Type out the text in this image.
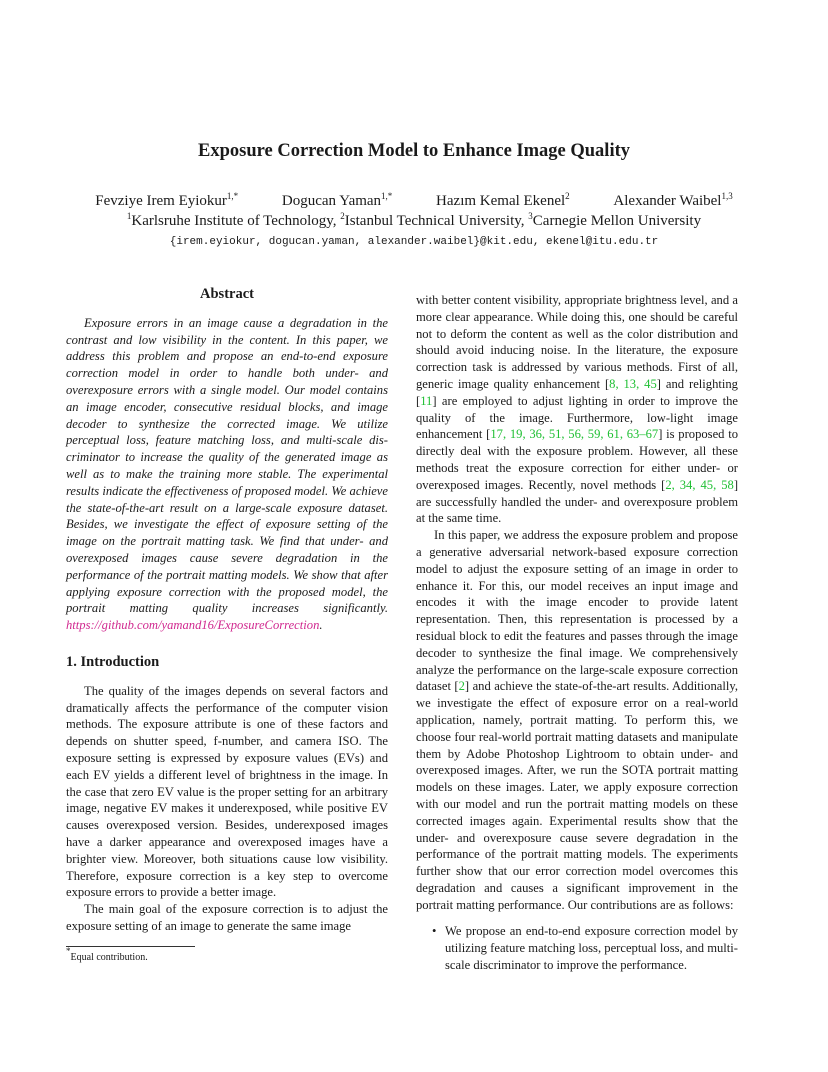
Exposure Correction Model to Enhance Image Quality
Fevziye Irem Eyiokur$^{1,*}$	Dogucan Yaman$^{1,*}$	Hazım Kemal Ekenel$^2$	Alexander Waibel$^{1,3}$
$^1$Karlsruhe Institute of Technology, $^2$Istanbul Technical University, $^3$Carnegie Mellon University
{irem.eyiokur, dogucan.yaman, alexander.waibel}@kit.edu, ekenel@itu.edu.tr
Abstract

Exposure errors in an image cause a degradation in the contrast and low visibility in the content. In this paper, we address this problem and propose an end-to-end exposure correction model in order to handle both under- and overexposure errors with a single model. Our model contains an image encoder, consecutive residual blocks, and image decoder to synthesize the corrected image. We utilize perceptual loss, feature matching loss, and multi-scale discriminator to increase the quality of the generated image as well as to make the training more stable. The experimental results indicate the effectiveness of proposed model. We achieve the state-of-the-art result on a large-scale exposure dataset. Besides, we investigate the effect of exposure setting of the image on the portrait matting task. We find that under- and overexposed images cause severe degradation in the performance of the portrait matting models. We show that after applying exposure correction with the proposed model, the portrait matting quality increases significantly. https://github.com/yamand16/ExposureCorrection.

1. Introduction

The quality of the images depends on several factors and dramatically affects the performance of the computer vision methods. The exposure attribute is one of these factors and depends on shutter speed, f-number, and camera ISO. The exposure setting is expressed by exposure values (EVs) and each EV yields a different level of brightness in the image. In the case that zero EV value is the proper setting for an arbitrary image, negative EV makes it underexposed, while positive EV causes overexposed version. Besides, underexposed images have a darker appearance and overexposed images have a brighter view. Moreover, both situations cause low visibility. Therefore, exposure correction is a key step to overcome exposure errors to provide a better image.

The main goal of the exposure correction is to adjust the exposure setting of an image to generate the same image

*Equal contribution.

with better content visibility, appropriate brightness level, and a more clear appearance. While doing this, one should be careful not to deform the content as well as the color distribution and should avoid inducing noise. In the literature, the exposure correction task is addressed by various methods. First of all, generic image quality enhancement [8, 13, 45] and relighting [11] are employed to adjust lighting in order to improve the quality of the image. Furthermore, low-light image enhancement [17, 19, 36, 51, 56, 59, 61, 63–67] is proposed to directly deal with the exposure problem. However, all these methods treat the exposure correction for either under- or overexposed images. Recently, novel methods [2, 34, 45, 58] are successfully handled the under- and overexposure problem at the same time.

In this paper, we address the exposure problem and propose a generative adversarial network-based exposure correction model to adjust the exposure setting of an image in order to enhance it. For this, our model receives an input image and encodes it with the image encoder to provide latent representation. Then, this representation is processed by a residual block to edit the features and passes through the image decoder to synthesize the final image. We comprehensively analyze the performance on the large-scale exposure correction dataset [2] and achieve the state-of-the-art results. Additionally, we investigate the effect of exposure error on a real-world application, namely, portrait matting. To perform this, we choose four real-world portrait matting datasets and manipulate them by Adobe Photoshop Lightroom to obtain under- and overexposed images. After, we run the SOTA portrait matting models on these images. Later, we apply exposure correction with our model and run the portrait matting models on these corrected images again. Experimental results show that the under- and overexposure cause severe degradation in the performance of the portrait matting models. The experiments further show that our error correction model overcomes this degradation and causes a significant improvement in the portrait matting performance. Our contributions are as follows:

• We propose an end-to-end exposure correction model by utilizing feature matching loss, perceptual loss, and multi-scale discriminator to improve the performance.
